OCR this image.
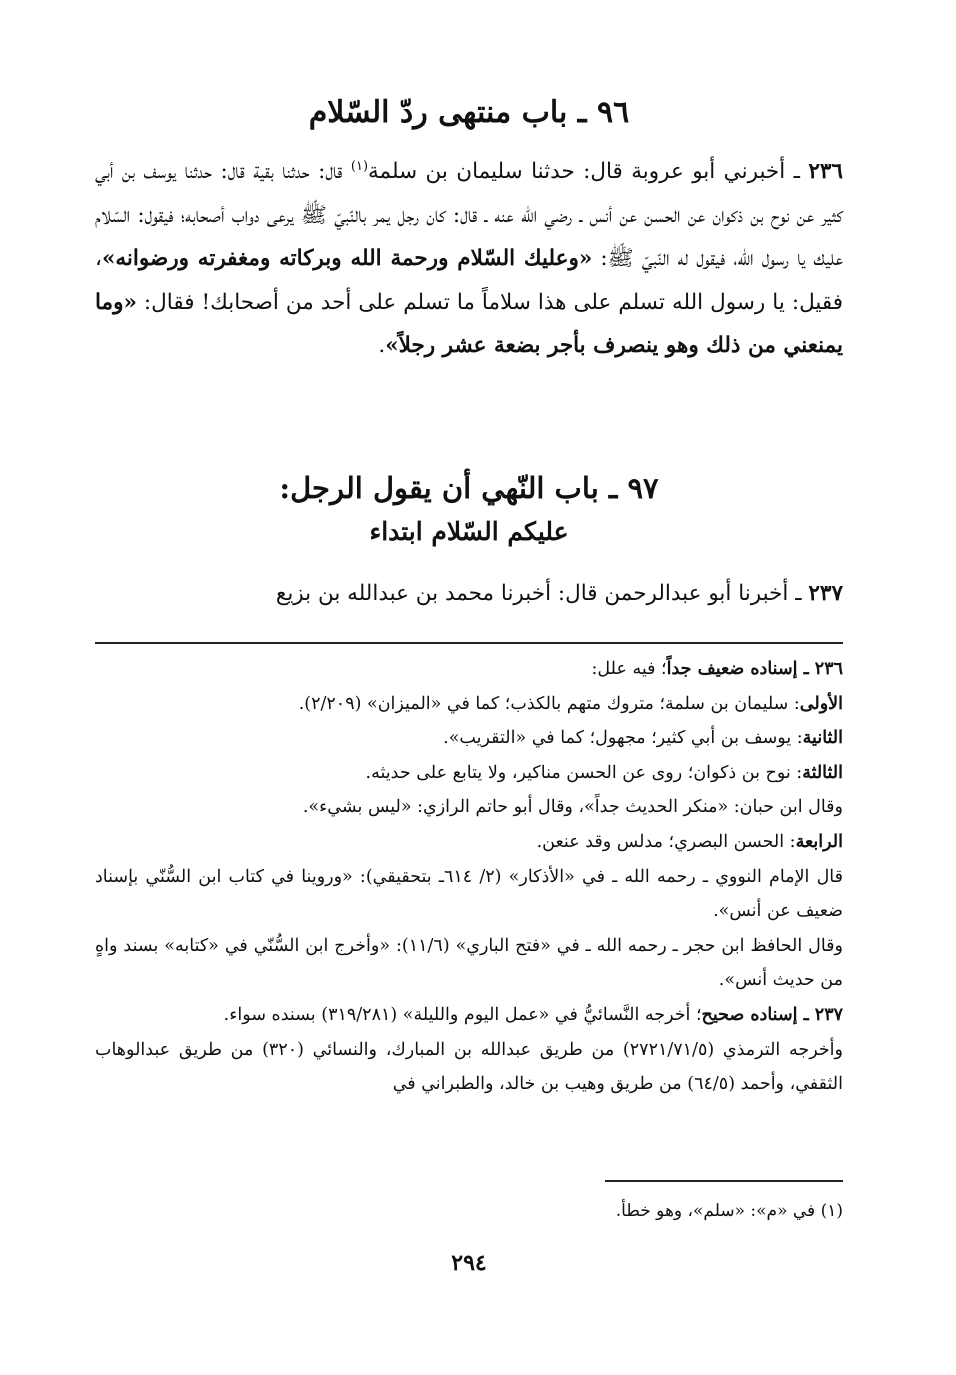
٩٦ ـ باب منتهى ردّ السّلام

٢٣٦ ـ أخبرني أبو عروبة قال: حدثنا سليمان بن سلمة$^{(١)}$ قال: حدثنا بقية قال: حدثنا يوسف بن أبي كثير عن نوح بن ذكوان عن الحسن عن أنس ـ رضي الله عنه ـ قال: كان رجل يمر بالنّبيّ ﷺ يرعى دواب أصحابه؛ فيقول: السّلام عليك يا رسول الله، فيقول له النّبيّ ﷺ: «وعليك السّلام ورحمة الله وبركاته ومغفرته ورضوانه»، فقيل: يا رسول الله تسلم على هذا سلاماً ما تسلم على أحد من أصحابك! فقال: «وما يمنعني من ذلك وهو ينصرف بأجر بضعة عشر رجلاً».

٩٧ ـ باب النّهي أن يقول الرجل:
عليكم السّلام ابتداء

٢٣٧ ـ أخبرنا أبو عبدالرحمن قال: أخبرنا محمد بن عبدالله بن بزيع

٢٣٦ ـ إسناده ضعيف جداً؛ فيه علل:

الأولى: سليمان بن سلمة؛ متروك متهم بالكذب؛ كما في «الميزان» (٢/٢٠٩).

الثانية: يوسف بن أبي كثير؛ مجهول؛ كما في «التقريب».

الثالثة: نوح بن ذكوان؛ روى عن الحسن مناكير، ولا يتابع على حديثه.

وقال ابن حبان: «منكر الحديث جداً»، وقال أبو حاتم الرازي: «ليس بشيء».

الرابعة: الحسن البصري؛ مدلس وقد عنعن.

قال الإمام النووي ـ رحمه الله ـ في «الأذكار» (٢/ ٦١٤ـ بتحقيقي): «وروينا في كتاب ابن السُّنّي بإسناد ضعيف عن أنس».

وقال الحافظ ابن حجر ـ رحمه الله ـ في «فتح الباري» (١١/٦): «وأخرج ابن السُّنّي في «كتابه» بسند واهٍ من حديث أنس».

٢٣٧ ـ إسناده صحيح؛ أخرجه النَّسائيُّ في «عمل اليوم والليلة» (٣١٩/٢٨١) بسنده سواء.

وأخرجه الترمذي (٢٧٢١/٧١/٥) من طريق عبدالله بن المبارك، والنسائي (٣٢٠) من طريق عبدالوهاب الثقفي، وأحمد (٦٤/٥) من طريق وهيب بن خالد، والطبراني في

(١) في «م»: «سلم»، وهو خطأ.

٢٩٤
